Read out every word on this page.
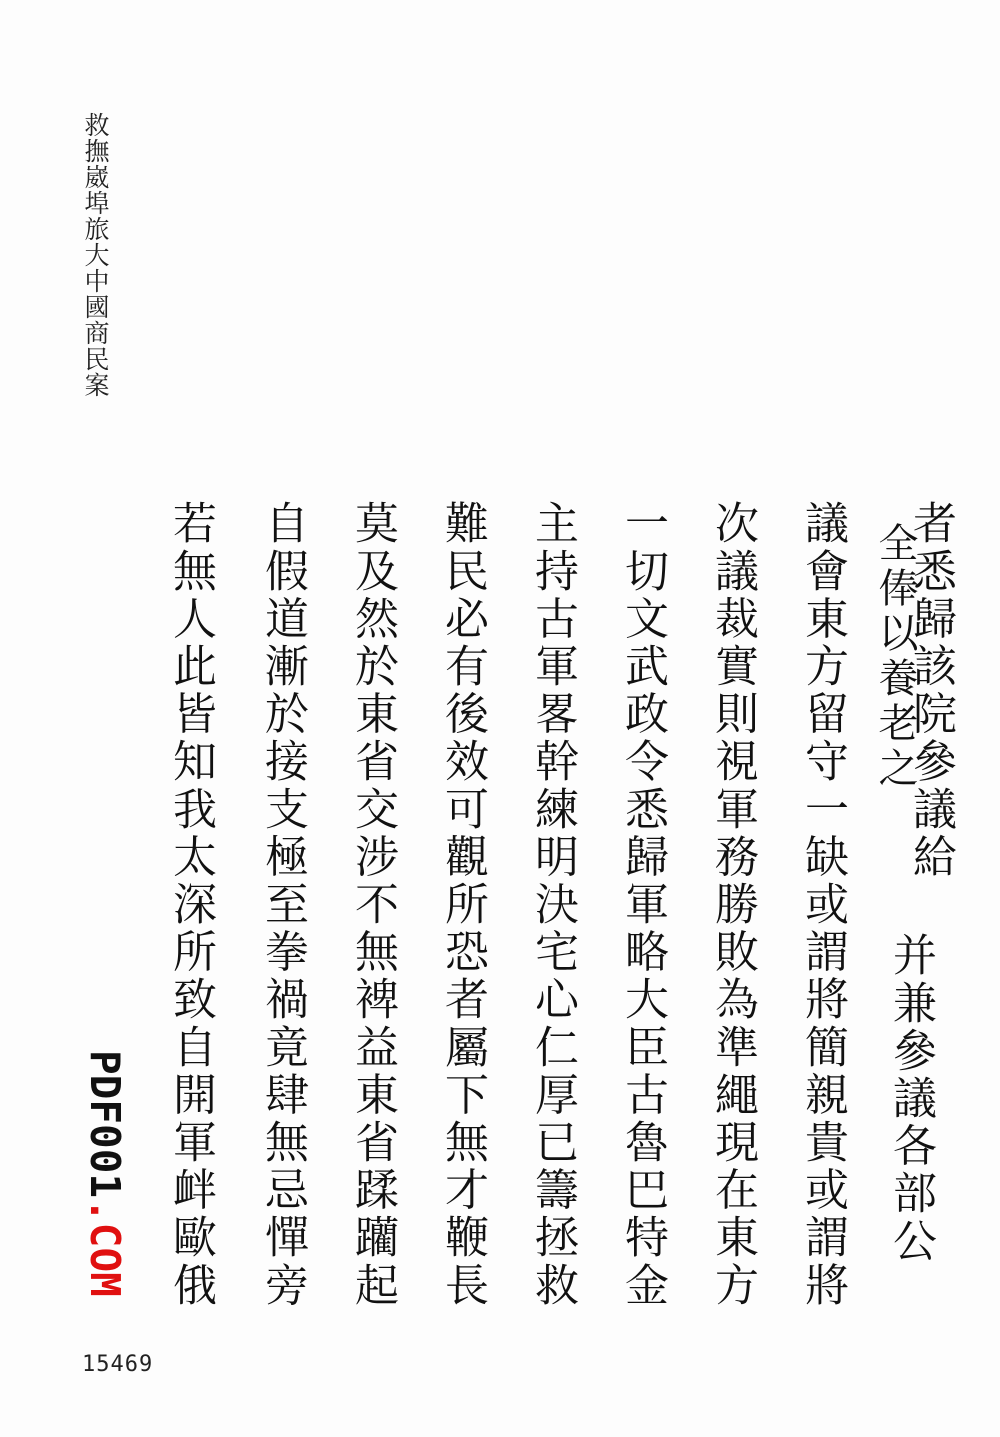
救撫崴埠旅大中國商民案
者悉歸該院參議給
全俸以養老之
并兼參議各部公
議會東方留守一缺或謂將簡親貴或謂將
次議裁實則視軍務勝敗為準繩現在東方
一切文武政令悉歸軍略大臣古魯巴特金
主持古軍畧幹練明決宅心仁厚已籌拯救
難民必有後效可觀所恐者屬下無才鞭長
莫及然於東省交涉不無裨益東省蹂躪起
自假道漸於接支極至拳禍竟肆無忌憚旁
若無人此皆知我太深所致自開軍衅歐俄
PDF001.COM
15469
